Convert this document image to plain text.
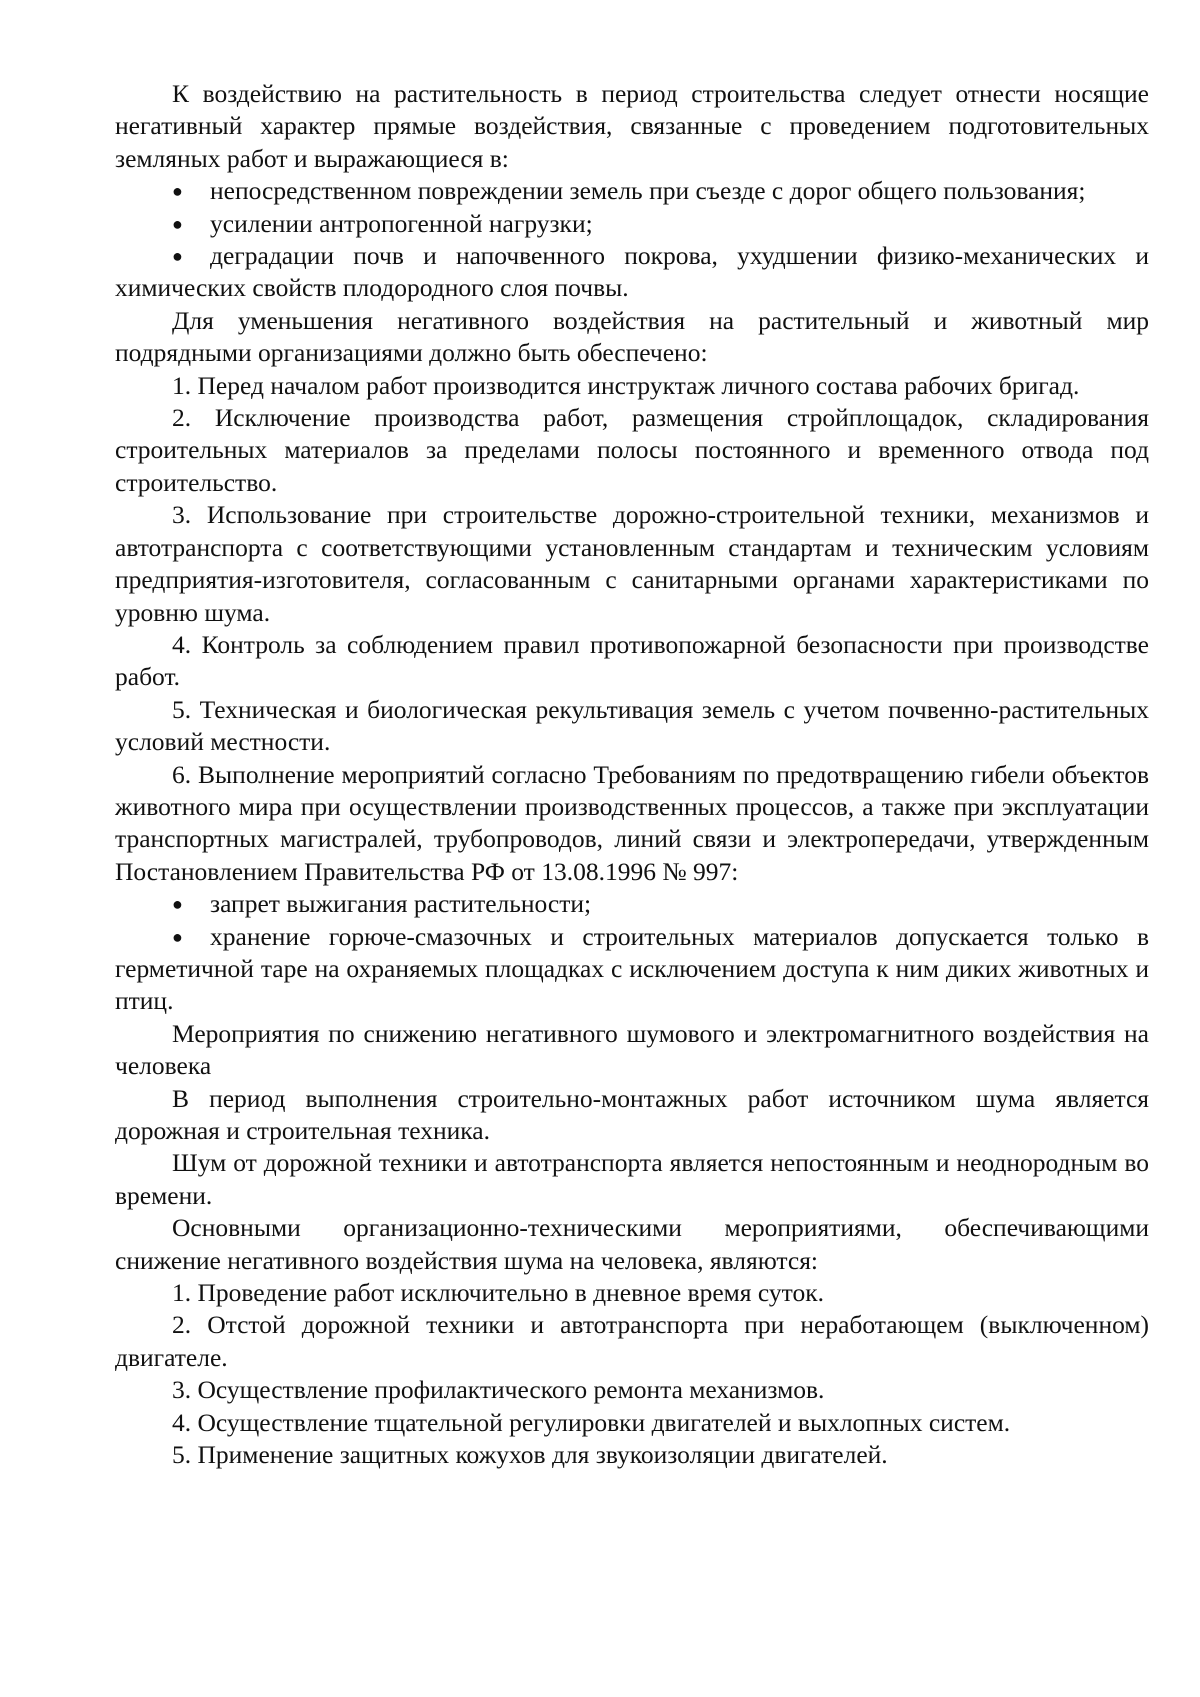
К воздействию на растительность в период строительства следует отнести носящие негативный характер прямые воздействия, связанные с проведением подготовительных земляных работ и выражающиеся в:

● непосредственном повреждении земель при съезде с дорог общего пользования;

● усилении антропогенной нагрузки;

● деградации почв и напочвенного покрова, ухудшении физико-механических и химических свойств плодородного слоя почвы.

Для уменьшения негативного воздействия на растительный и животный мир подрядными организациями должно быть обеспечено:

1. Перед началом работ производится инструктаж личного состава рабочих бригад.

2. Исключение производства работ, размещения стройплощадок, складирования строительных материалов за пределами полосы постоянного и временного отвода под строительство.

3. Использование при строительстве дорожно-строительной техники, механизмов и автотранспорта с соответствующими установленным стандартам и техническим условиям предприятия-изготовителя, согласованным с санитарными органами характеристиками по уровню шума.

4. Контроль за соблюдением правил противопожарной безопасности при производстве работ.

5. Техническая и биологическая рекультивация земель с учетом почвенно-растительных условий местности.

6. Выполнение мероприятий согласно Требованиям по предотвращению гибели объектов животного мира при осуществлении производственных процессов, а также при эксплуатации транспортных магистралей, трубопроводов, линий связи и электропередачи, утвержденным Постановлением Правительства РФ от 13.08.1996 № 997:

● запрет выжигания растительности;

● хранение горюче-смазочных и строительных материалов допускается только в герметичной таре на охраняемых площадках с исключением доступа к ним диких животных и птиц.

Мероприятия по снижению негативного шумового и электромагнитного воздействия на человека

В период выполнения строительно-монтажных работ источником шума является дорожная и строительная техника.

Шум от дорожной техники и автотранспорта является непостоянным и неоднородным во времени.

Основными организационно-техническими мероприятиями, обеспечивающими снижение негативного воздействия шума на человека, являются:

1. Проведение работ исключительно в дневное время суток.

2. Отстой дорожной техники и автотранспорта при неработающем (выключенном) двигателе.

3. Осуществление профилактического ремонта механизмов.

4. Осуществление тщательной регулировки двигателей и выхлопных систем.

5. Применение защитных кожухов для звукоизоляции двигателей.
